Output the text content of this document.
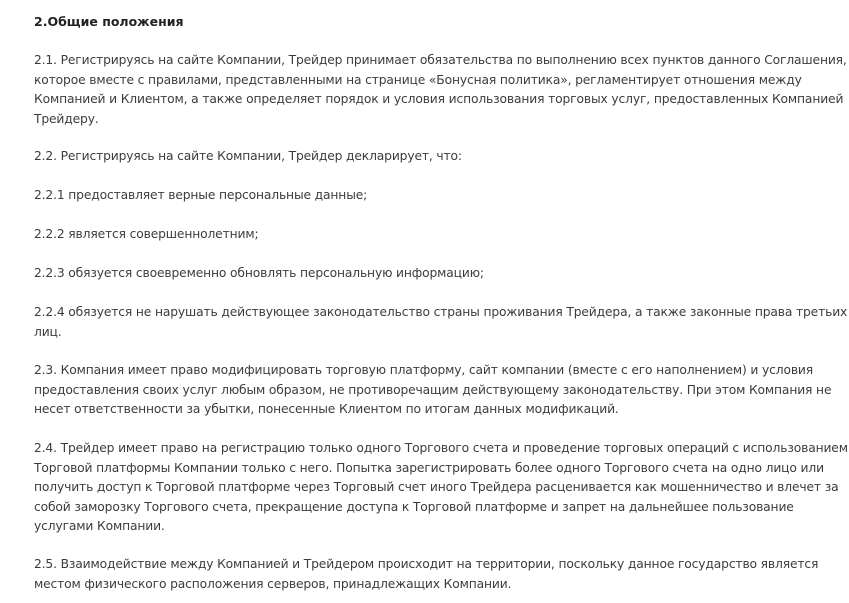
2.Общие положения

2.1. Регистрируясь на сайте Компании, Трейдер принимает обязательства по выполнению всех пунктов данного Соглашения,
которое вместе с правилами, представленными на странице «Бонусная политика», регламентирует отношения между
Компанией и Клиентом, а также определяет порядок и условия использования торговых услуг, предоставленных Компанией
Трейдеру.

2.2. Регистрируясь на сайте Компании, Трейдер декларирует, что:

2.2.1 предоставляет верные персональные данные;

2.2.2 является совершеннолетним;

2.2.3 обязуется своевременно обновлять персональную информацию;

2.2.4 обязуется не нарушать действующее законодательство страны проживания Трейдера, а также законные права третьих
лиц.

2.3. Компания имеет право модифицировать торговую платформу, сайт компании (вместе с его наполнением) и условия
предоставления своих услуг любым образом, не противоречащим действующему законодательству. При этом Компания не
несет ответственности за убытки, понесенные Клиентом по итогам данных модификаций.

2.4. Трейдер имеет право на регистрацию только одного Торгового счета и проведение торговых операций с использованием
Торговой платформы Компании только с него. Попытка зарегистрировать более одного Торгового счета на одно лицо или
получить доступ к Торговой платформе через Торговый счет иного Трейдера расценивается как мошенничество и влечет за
собой заморозку Торгового счета, прекращение доступа к Торговой платформе и запрет на дальнейшее пользование
услугами Компании.

2.5. Взаимодействие между Компанией и Трейдером происходит на территории, поскольку данное государство является
местом физического расположения серверов, принадлежащих Компании.
